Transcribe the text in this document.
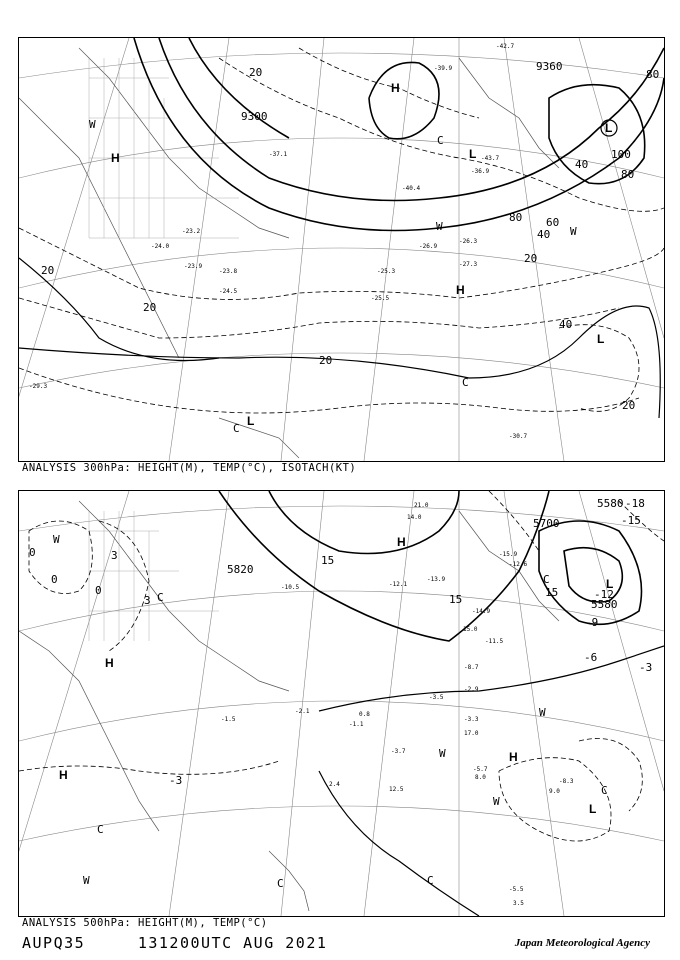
9300
9360
20
20
20
20
20
20
40
40
40
60
80
80
80
100
H
H
H
L
L
L
L
C
C
C
W
W	W
-24.0
-23.9
-23.2
-23.8
-24.5
-25.3
-27.3
-26.9
-26.3
-25.5
-29.3
-30.7
-37.1
-39.9
-40.4
-42.7
-43.7
-36.9
ANALYSIS 300hPa: HEIGHT(M), TEMP(°C), ISOTACH(KT)
5820
5700
5580
5580
-18
-15
-12
-9
-6
-3
-3
0
0
0
3
3
15
15
15
H
H
H
H
L
L
W
W
W
W
W
C
C
C
C
C
C
-10.5
-13.9
-12.1
-14.9
-11.5
-8.7
-2.9
-3.3
-5.7
-3.7
-2.1
-1.1
-8.3
-5.5
-15.9
-12.6
-1.5
-3.5
21.0
14.0
15.0
17.0
8.0
12.5
0.8
2.4
9.0
3.5
ANALYSIS 500hPa: HEIGHT(M), TEMP(°C)
AUPQ35	131200UTC AUG 2021	Japan Meteorological Agency
